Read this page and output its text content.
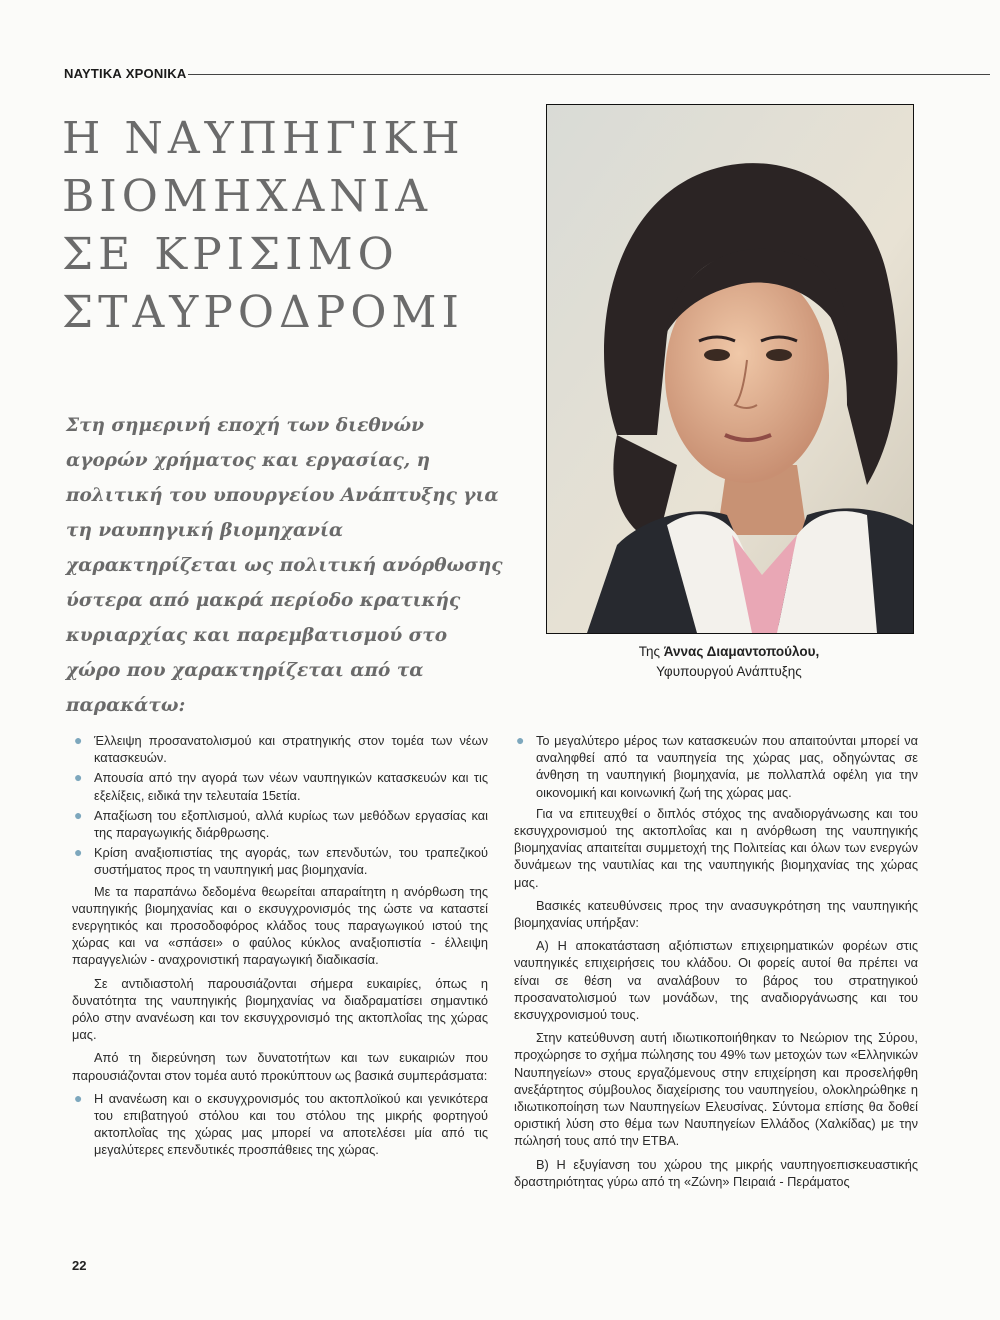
ΝΑΥΤΙΚΑ ΧΡΟΝΙΚΑ
Η ΝΑΥΠΗΓΙΚΗ
ΒΙΟΜΗΧΑΝΙΑ
ΣΕ ΚΡΙΣΙΜΟ
ΣΤΑΥΡΟΔΡΟΜΙ
Στη σημερινή εποχή των διεθνών αγορών χρήματος και εργασίας, η πολιτική του υπουργείου Ανάπτυξης για τη ναυπηγική βιομηχανία χαρακτηρίζεται ως πολιτική ανόρθωσης ύστερα από μακρά περίοδο κρατικής κυριαρχίας και παρεμβατισμού στο χώρο που χαρακτηρίζεται από τα παρακάτω:
Της Άννας Διαμαντοπούλου,
Υφυπουργού Ανάπτυξης
● Έλλειψη προσανατολισμού και στρατηγικής στον τομέα των νέων κατασκευών.
● Απουσία από την αγορά των νέων ναυπηγικών κατασκευών και τις εξελίξεις, ειδικά την τελευταία 15ετία.
● Απαξίωση του εξοπλισμού, αλλά κυρίως των μεθόδων εργασίας και της παραγωγικής διάρθρωσης.
● Κρίση αναξιοπιστίας της αγοράς, των επενδυτών, του τραπεζικού συστήματος προς τη ναυπηγική μας βιομηχανία.

Με τα παραπάνω δεδομένα θεωρείται απαραίτητη η ανόρθωση της ναυπηγικής βιομηχανίας και ο εκσυγχρονισμός της ώστε να καταστεί ενεργητικός και προσοδοφόρος κλάδος τους παραγωγικού ιστού της χώρας και να «σπάσει» ο φαύλος κύκλος αναξιοπιστία - έλλειψη παραγγελιών - αναχρονιστική παραγωγική διαδικασία.

Σε αντιδιαστολή παρουσιάζονται σήμερα ευκαιρίες, όπως η δυνατότητα της ναυπηγικής βιομηχανίας να διαδραματίσει σημαντικό ρόλο στην ανανέωση και τον εκσυγχρονισμό της ακτοπλοΐας της χώρας μας.

Από τη διερεύνηση των δυνατοτήτων και των ευκαιριών που παρουσιάζονται στον τομέα αυτό προκύπτουν ως βασικά συμπεράσματα:

● Η ανανέωση και ο εκσυγχρονισμός του ακτοπλοϊκού και γενικότερα του επιβατηγού στόλου και του στόλου της μικρής φορτηγού ακτοπλοΐας της χώρας μας μπορεί να αποτελέσει μία από τις μεγαλύτερες επενδυτικές προσπάθειες της χώρας.
● Το μεγαλύτερο μέρος των κατασκευών που απαιτούνται μπορεί να αναληφθεί από τα ναυπηγεία της χώρας μας, οδηγώντας σε άνθηση τη ναυπηγική βιομηχανία, με πολλαπλά οφέλη για την οικονομική και κοινωνική ζωή της χώρας μας.

Για να επιτευχθεί ο διπλός στόχος της αναδιοργάνωσης και του εκσυγχρονισμού της ακτοπλοΐας και η ανόρθωση της ναυπηγικής βιομηχανίας απαιτείται συμμετοχή της Πολιτείας και όλων των ενεργών δυνάμεων της ναυτιλίας και της ναυπηγικής βιομηχανίας της χώρας μας.

Βασικές κατευθύνσεις προς την ανασυγκρότηση της ναυπηγικής βιομηχανίας υπήρξαν:

Α) Η αποκατάσταση αξιόπιστων επιχειρηματικών φορέων στις ναυπηγικές επιχειρήσεις του κλάδου. Οι φορείς αυτοί θα πρέπει να είναι σε θέση να αναλάβουν το βάρος του στρατηγικού προσανατολισμού των μονάδων, της αναδιοργάνωσης και του εκσυγχρονισμού τους.

Στην κατεύθυνση αυτή ιδιωτικοποιήθηκαν το Νεώριον της Σύρου, προχώρησε το σχήμα πώλησης του 49% των μετοχών των «Ελληνικών Ναυπηγείων» στους εργαζόμενους στην επιχείρηση και προσελήφθη ανεξάρτητος σύμβουλος διαχείρισης του ναυπηγείου, ολοκληρώθηκε η ιδιωτικοποίηση των Ναυπηγείων Ελευσίνας. Σύντομα επίσης θα δοθεί οριστική λύση στο θέμα των Ναυπηγείων Ελλάδος (Χαλκίδας) με την πώλησή τους από την ΕΤΒΑ.

Β) Η εξυγίανση του χώρου της μικρής ναυπηγοεπισκευαστικής δραστηριότητας γύρω από τη «Ζώνη» Πειραιά - Περάματος

22
